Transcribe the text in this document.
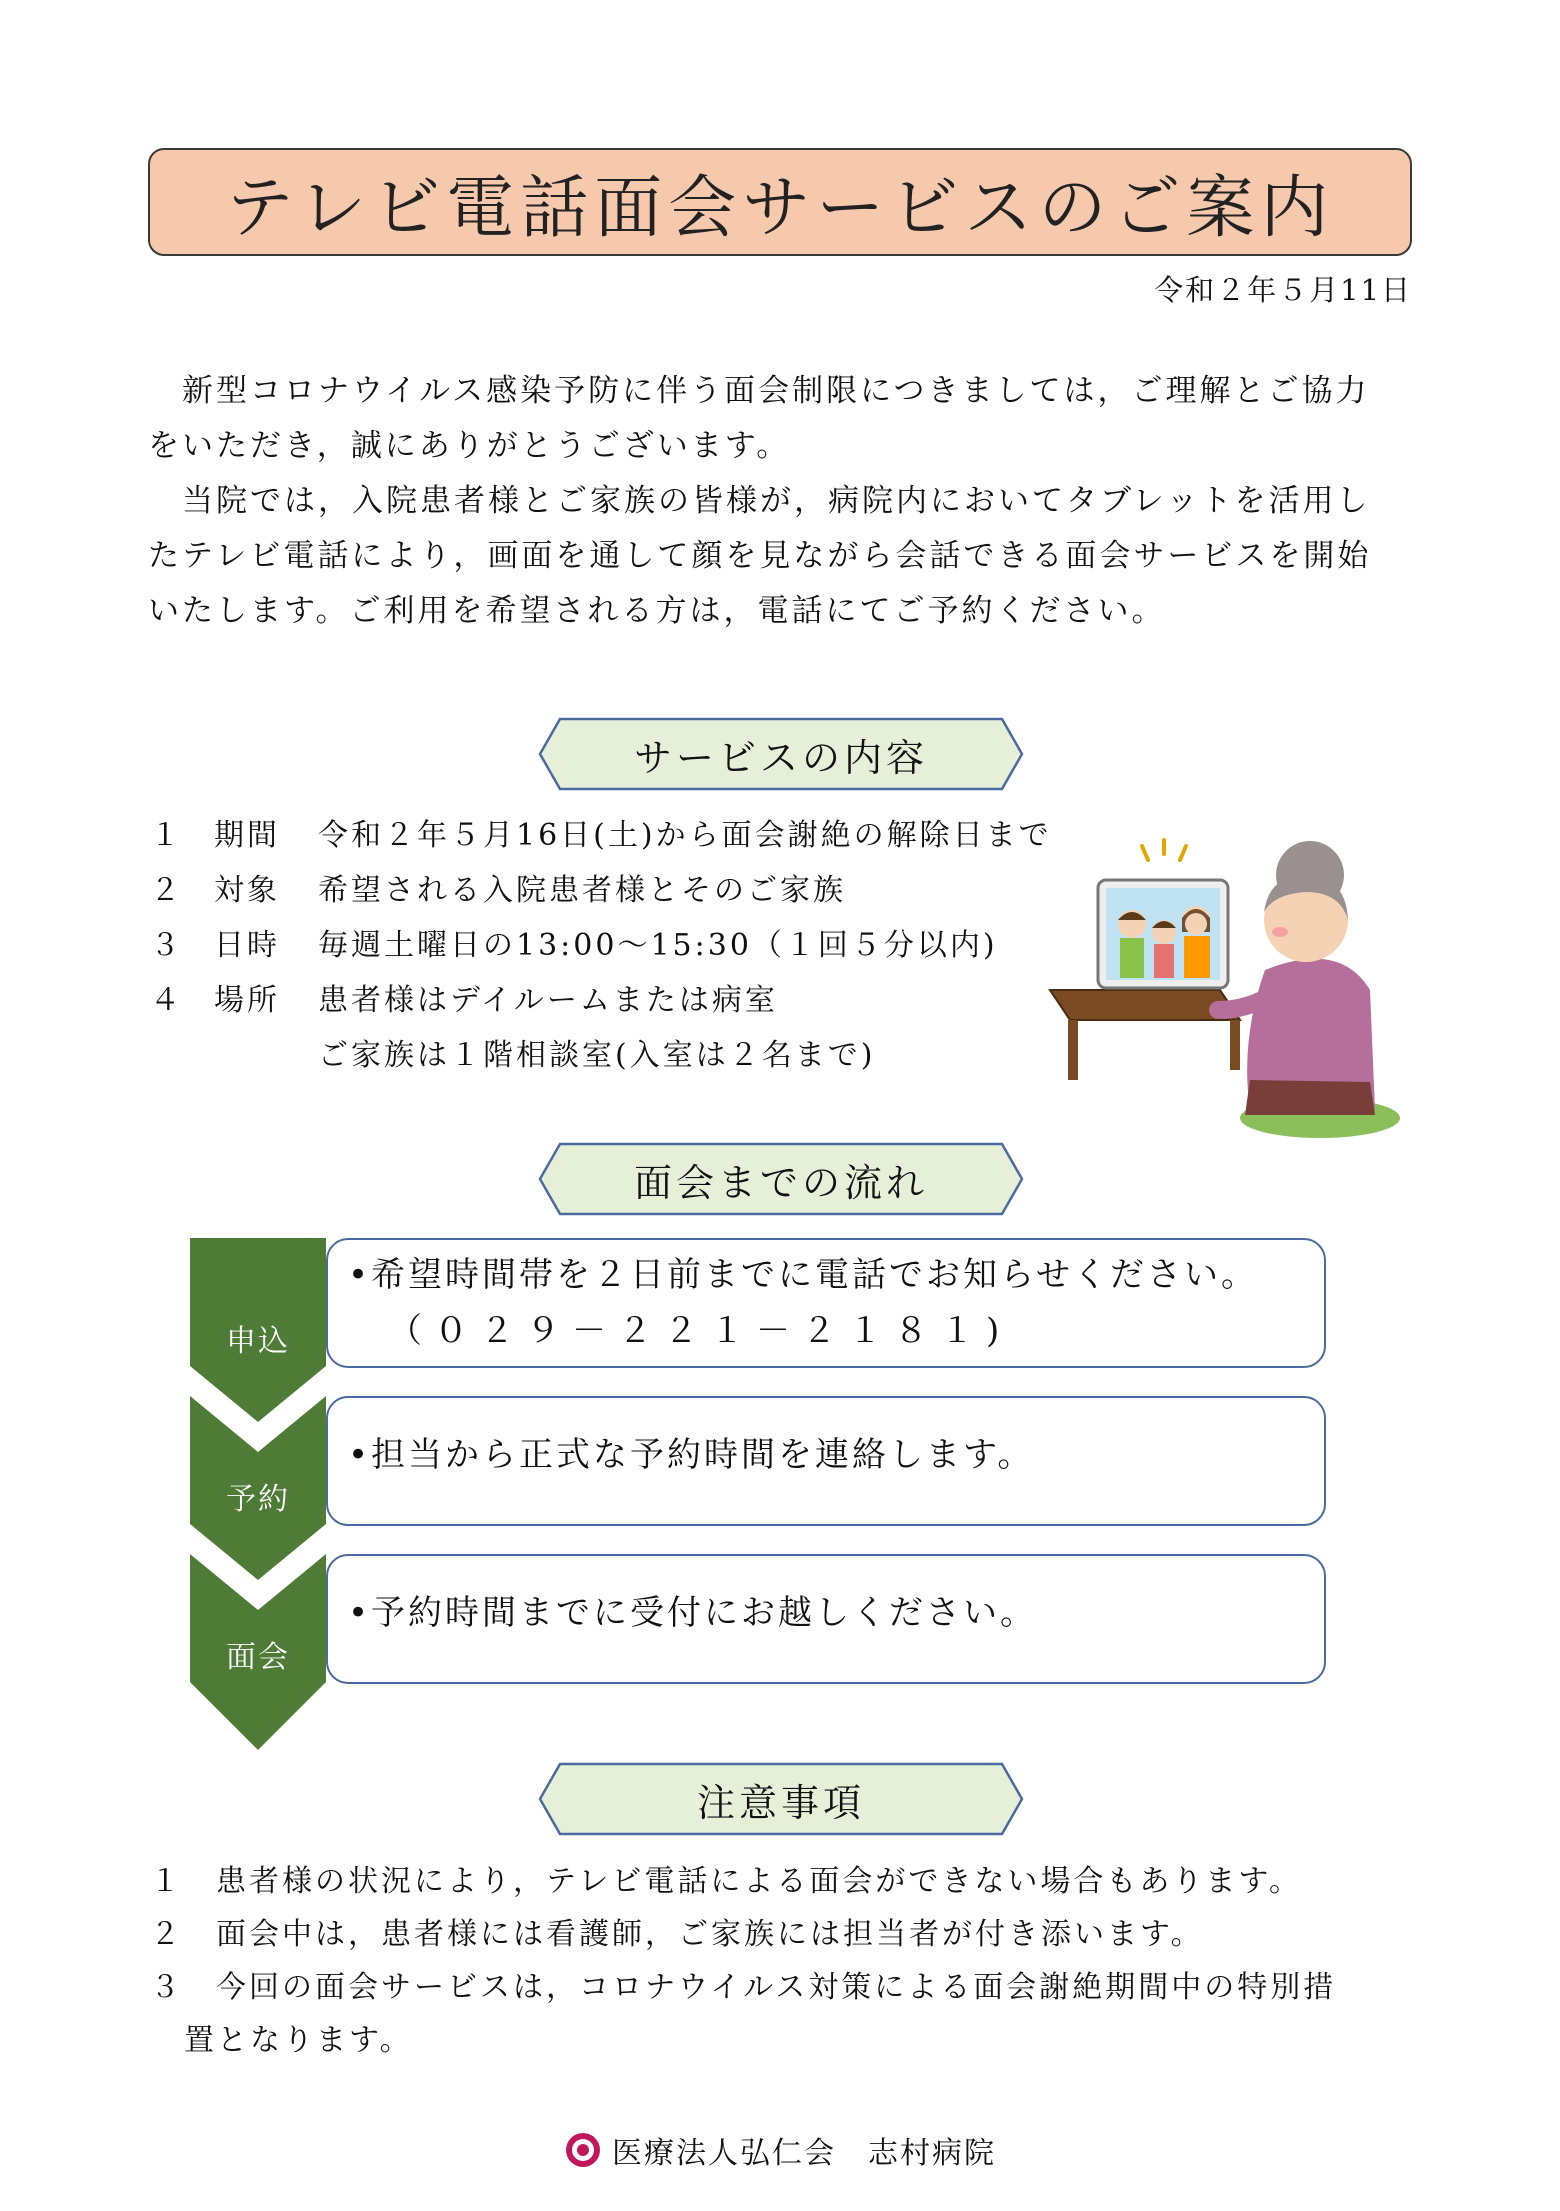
テレビ電話面会サービスのご案内
令和２年５月11日
　新型コロナウイルス感染予防に伴う面会制限につきましては，ご理解とご協力
をいただき，誠にありがとうございます。
　当院では，入院患者様とご家族の皆様が，病院内においてタブレットを活用し
たテレビ電話により，画面を通して顔を見ながら会話できる面会サービスを開始
いたします。ご利用を希望される方は，電話にてご予約ください。
サービスの内容
１ 期間 令和２年５月16日(土)から面会謝絶の解除日まで
２ 対象 希望される入院患者様とそのご家族
３ 日時 毎週土曜日の13:00～15:30（１回５分以内)
４ 場所 患者様はデイルームまたは病室
ご家族は１階相談室(入室は２名まで)
面会までの流れ
•希望時間帯を２日前までに電話でお知らせください。
（０２９－２２１－２１８１)
•担当から正式な予約時間を連絡します。
•予約時間までに受付にお越しください。
申込
予約
面会
注意事項
１ 患者様の状況により，テレビ電話による面会ができない場合もあります。
２ 面会中は，患者様には看護師，ご家族には担当者が付き添います。
３ 今回の面会サービスは，コロナウイルス対策による面会謝絶期間中の特別措
置となります。
医療法人弘仁会　志村病院
